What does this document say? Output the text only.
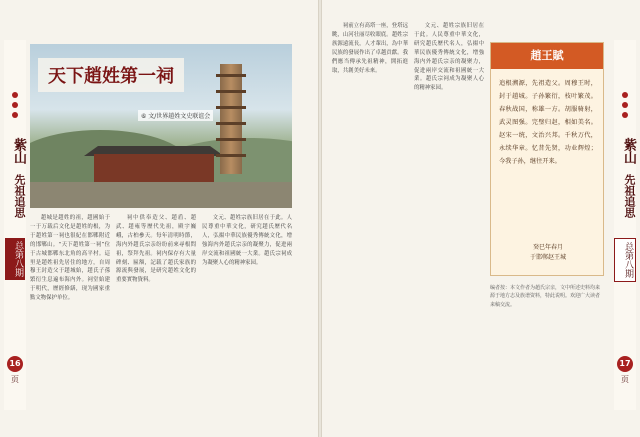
紫山
先祖追思
总第八期
16
页
天下趙姓第一祠
⑥ 文/世界趙姓文史联谊会

趙城是趙姓的祖，趙國始于一于万载后文化是趙姓的根，为于趙姓第一祠也很紀在邯鄲附近的邯鄲山。“天下趙姓第一祠”位于古城邯鄲东北角的高平村。這里是趙姓祖先居住的地方，自周穆王封造父于趙城始，趙氏子孫繁衍生息遍布海内外。祠堂始建于明代，歷經修繕，现为國家重點文物保护单位。

祠中供奉造父、趙盾、趙武、趙雍等歷代先祖，殿宇巍峨，古柏參天。每年清明時節，海内外趙氏宗亲纷纷前來尋根問祖，祭拜先祖。祠内保存有大量碑刻、匾額，記载了趙氏家族的源流與發展，是研究趙姓文化的重要實物資料。

文元、趙姓宗族旧居在于此。人民尊重中華文化，研究趙氏歷代名人，弘揚中華民族優秀傳統文化，增強海内外趙氏宗亲的凝聚力，促进兩岸交流和祖國統一大業。趙氏宗祠成为凝聚人心的精神家园。

祠前立有高塔一座，登塔远眺，山河壮丽尽收眼底。趙姓宗族源遠流長，人才輩出，為中華民族的發展作出了卓越貢獻。我們應当傳承先祖精神，開拓進取，共創美好未來。

文元、趙姓宗族旧居在于此。人民尊重中華文化，研究趙氏歷代名人，弘揚中華民族優秀傳統文化，增強海内外趙氏宗亲的凝聚力，促进兩岸交流和祖國統一大業。趙氏宗祠成为凝聚人心的精神家园。

趙王賦
追根溯源，先祖造父。周穆王时，封于趙城。子孙繁衍，枝叶繁茂。春秋战国，称雄一方。胡服骑射，武灵图强。完璧归赵，相如美名。赵宋一统，文治兴邦。千秋万代，永续华章。忆昔先贤，功业辉煌；今我子孙，继往开来。
癸巳年春月
于邯郸赵王城
编者按：本文作者为趙氏宗亲，文中所述史料均来源于地方志及族谱资料，特此说明。欢迎广大读者来稿交流。
紫山
先祖追思
总第八期
17
页
